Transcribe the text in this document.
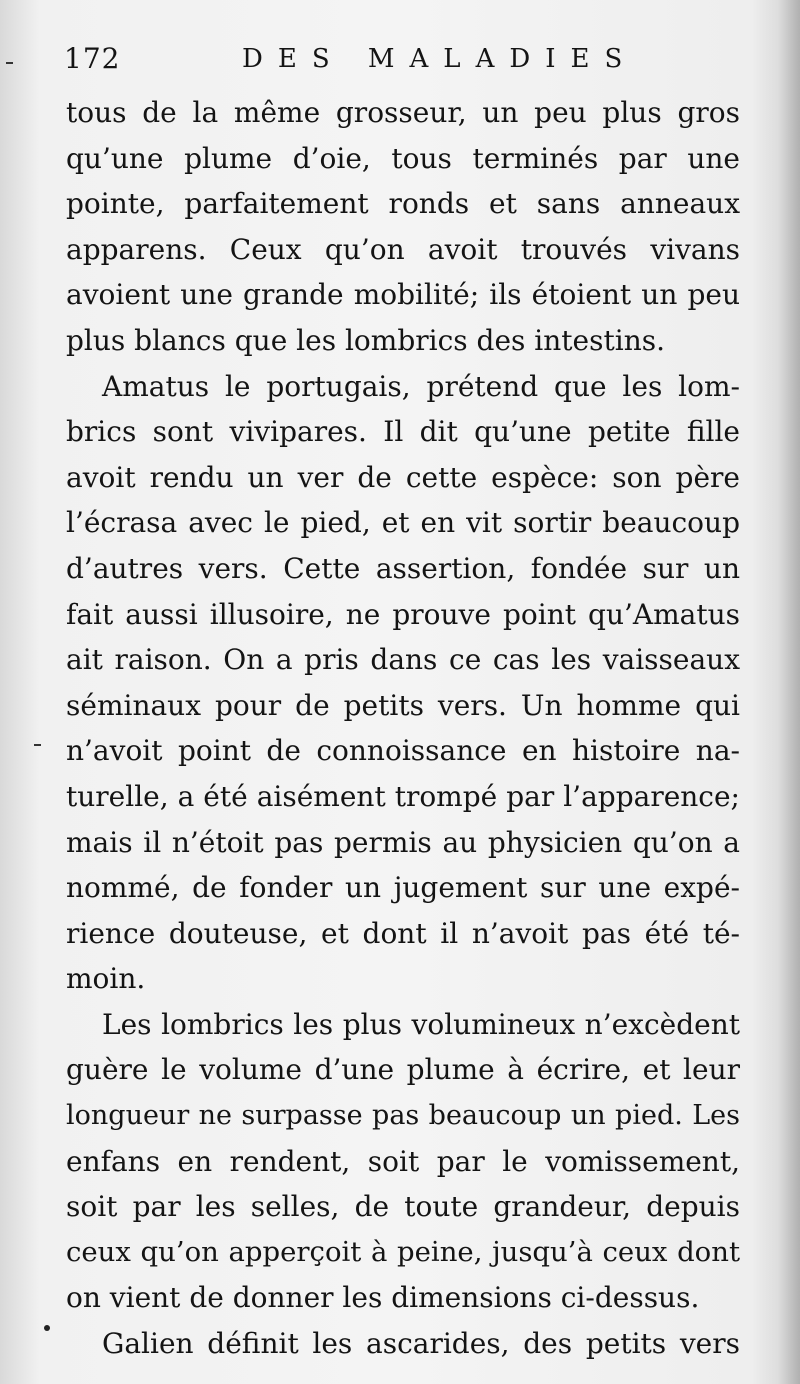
172	DES MALADIES
tous de la même grosseur, un peu plus gros
qu’une plume d’oie, tous terminés par une
pointe, parfaitement ronds et sans anneaux
apparens. Ceux qu’on avoit trouvés vivans
avoient une grande mobilité; ils étoient un peu
plus blancs que les lombrics des intestins.
Amatus le portugais, prétend que les lom-
brics sont vivipares. Il dit qu’une petite fille
avoit rendu un ver de cette espèce: son père
l’écrasa avec le pied, et en vit sortir beaucoup
d’autres vers. Cette assertion, fondée sur un
fait aussi illusoire, ne prouve point qu’Amatus
ait raison. On a pris dans ce cas les vaisseaux
séminaux pour de petits vers. Un homme qui
n’avoit point de connoissance en histoire na-
turelle, a été aisément trompé par l’apparence;
mais il n’étoit pas permis au physicien qu’on a
nommé, de fonder un jugement sur une expé-
rience douteuse, et dont il n’avoit pas été té-
moin.
Les lombrics les plus volumineux n’excèdent
guère le volume d’une plume à écrire, et leur
longueur ne surpasse pas beaucoup un pied. Les
enfans en rendent, soit par le vomissement,
soit par les selles, de toute grandeur, depuis
ceux qu’on apperçoit à peine, jusqu’à ceux dont
on vient de donner les dimensions ci-dessus.
Galien définit les ascarides, des petits vers
